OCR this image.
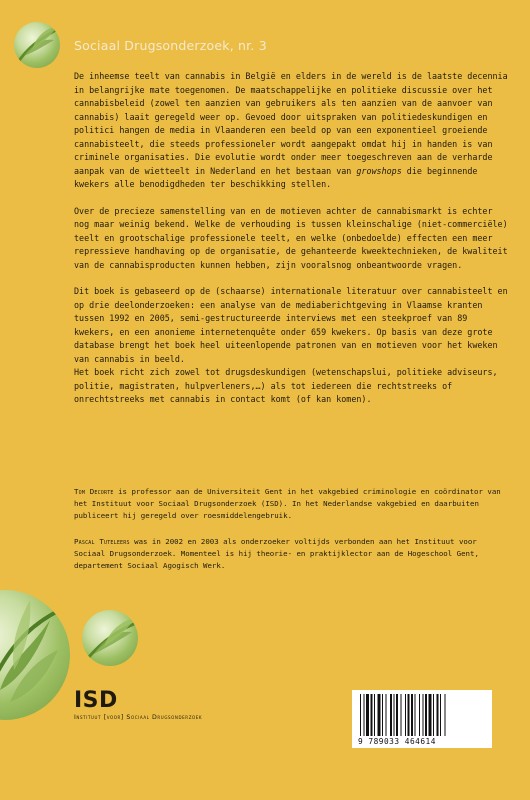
Sociaal Drugsonderzoek, nr. 3

De inheemse teelt van cannabis in België en elders in de wereld is de laatste decennia in belangrijke mate toegenomen. De maatschappelijke en politieke discussie over het cannabisbeleid (zowel ten aanzien van gebruikers als ten aanzien van de aanvoer van cannabis) laait geregeld weer op. Gevoed door uitspraken van politiedeskundigen en politici hangen de media in Vlaanderen een beeld op van een exponentieel groeiende cannabisteelt, die steeds professioneler wordt aangepakt omdat hij in handen is van criminele organisaties. Die evolutie wordt onder meer toegeschreven aan de verharde aanpak van de wietteelt in Nederland en het bestaan van growshops die beginnende kwekers alle benodigdheden ter beschikking stellen.

Over de precieze samenstelling van en de motieven achter de cannabismarkt is echter nog maar weinig bekend. Welke de verhouding is tussen kleinschalige (niet-commerciële) teelt en grootschalige professionele teelt, en welke (onbedoelde) effecten een meer repressieve handhaving op de organisatie, de gehanteerde kweektechnieken, de kwaliteit van de cannabisproducten kunnen hebben, zijn vooralsnog onbeantwoorde vragen.

Dit boek is gebaseerd op de (schaarse) internationale literatuur over cannabisteelt en op drie deelonderzoeken: een analyse van de mediaberichtgeving in Vlaamse kranten tussen 1992 en 2005, semi-gestructureerde interviews met een steekproef van 89 kwekers, en een anonieme internetenquête onder 659 kwekers. Op basis van deze grote database brengt het boek heel uiteenlopende patronen van en motieven voor het kweken van cannabis in beeld.

Het boek richt zich zowel tot drugsdeskundigen (wetenschapslui, politieke adviseurs, politie, magistraten, hulpverleners,…) als tot iedereen die rechtstreeks of onrechtstreeks met cannabis in contact komt (of kan komen).

Tom Decorte is professor aan de Universiteit Gent in het vakgebied criminologie en coördinator van het Instituut voor Sociaal Drugsonderzoek (ISD). In het Nederlandse vakgebied en daarbuiten publiceert hij geregeld over roesmiddelengebruik.
Pascal Tuteleers was in 2002 en 2003 als onderzoeker voltijds verbonden aan het Instituut voor Sociaal Drugsonderzoek. Momenteel is hij theorie- en praktijklector aan de Hogeschool Gent, departement Sociaal Agogisch Werk.
ISD
Instituut [voor] Sociaal Drugsonderzoek
9 789033 464614
